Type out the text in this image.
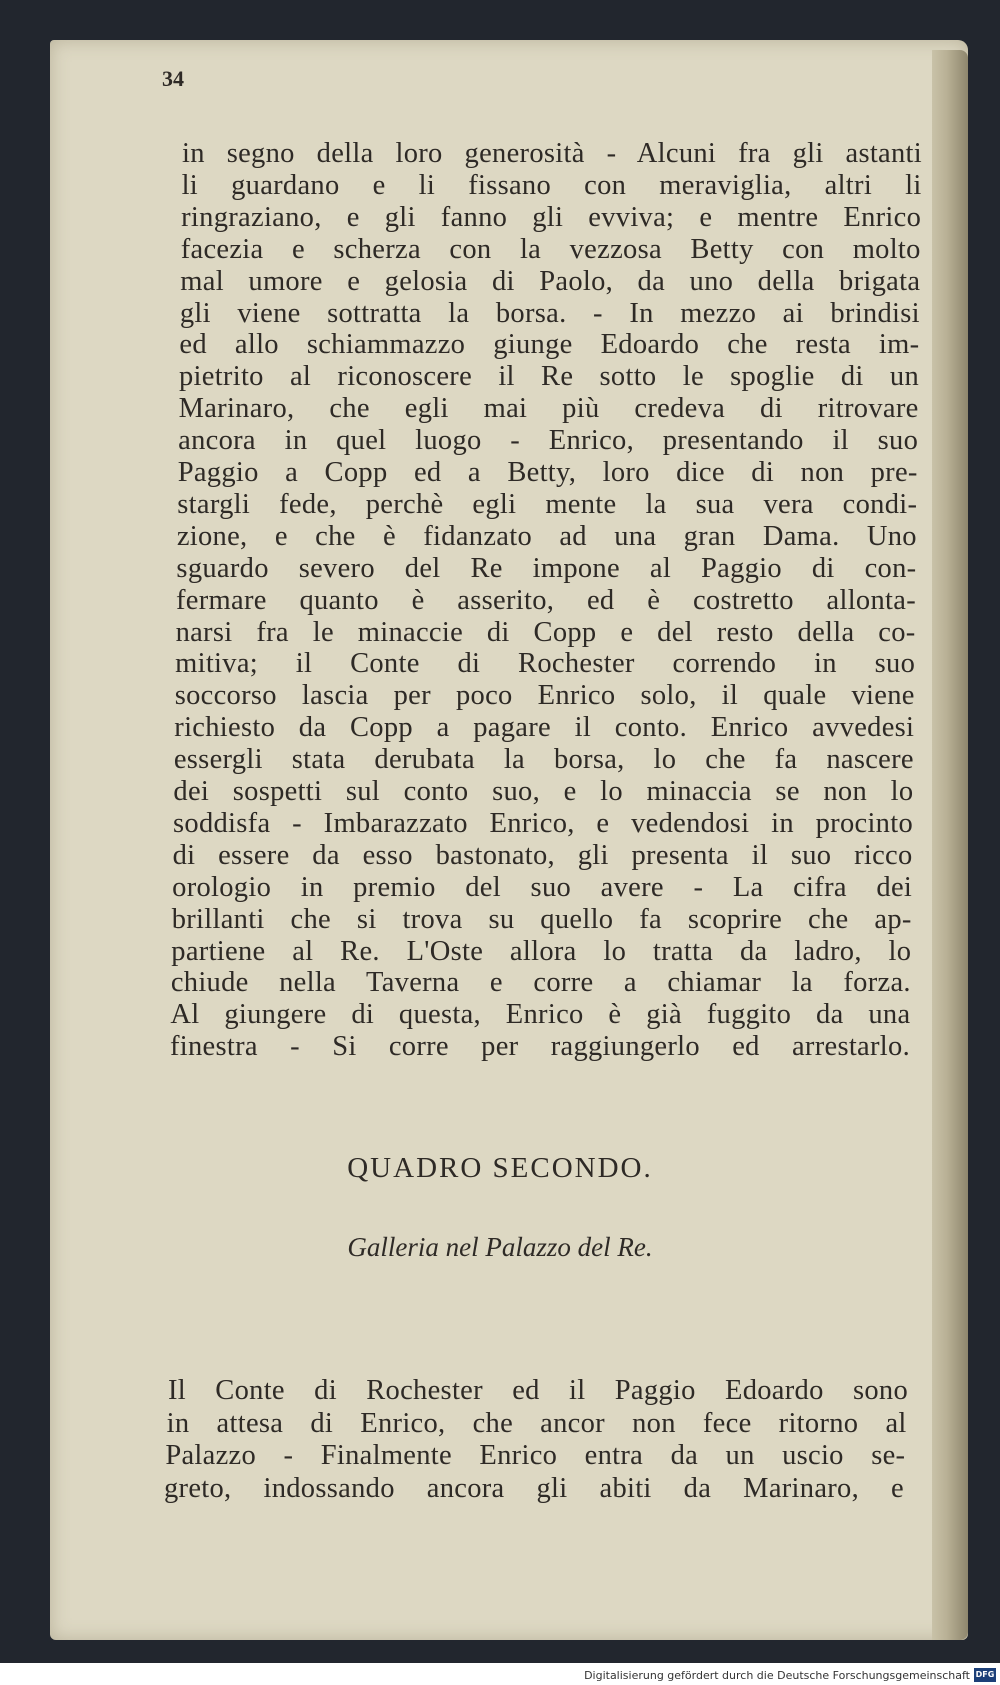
34
QUADRO SECONDO.
Galleria nel Palazzo del Re.
Digitalisierung gefördert durch die Deutsche Forschungsgemeinschaft DFG
in segno della loro generosità - Alcuni fra gli astanti
li guardano e li fissano con meraviglia, altri li
ringraziano, e gli fanno gli evviva; e mentre Enrico
facezia e scherza con la vezzosa Betty con molto
mal umore e gelosia di Paolo, da uno della brigata
gli viene sottratta la borsa. - In mezzo ai brindisi
ed allo schiammazzo giunge Edoardo che resta im-
pietrito al riconoscere il Re sotto le spoglie di un
Marinaro, che egli mai più credeva di ritrovare
ancora in quel luogo - Enrico, presentando il suo
Paggio a Copp ed a Betty, loro dice di non pre-
stargli fede, perchè egli mente la sua vera condi-
zione, e che è fidanzato ad una gran Dama. Uno
sguardo severo del Re impone al Paggio di con-
fermare quanto è asserito, ed è costretto allonta-
narsi fra le minaccie di Copp e del resto della co-
mitiva; il Conte di Rochester correndo in suo
soccorso lascia per poco Enrico solo, il quale viene
richiesto da Copp a pagare il conto. Enrico avvedesi
essergli stata derubata la borsa, lo che fa nascere
dei sospetti sul conto suo, e lo minaccia se non lo
soddisfa - Imbarazzato Enrico, e vedendosi in procinto
di essere da esso bastonato, gli presenta il suo ricco
orologio in premio del suo avere - La cifra dei
brillanti che si trova su quello fa scoprire che ap-
partiene al Re. L'Oste allora lo tratta da ladro, lo
chiude nella Taverna e corre a chiamar la forza.
Al giungere di questa, Enrico è già fuggito da una
finestra - Si corre per raggiungerlo ed arrestarlo.
Il Conte di Rochester ed il Paggio Edoardo sono
in attesa di Enrico, che ancor non fece ritorno al
Palazzo - Finalmente Enrico entra da un uscio se-
greto, indossando ancora gli abiti da Marinaro, e
